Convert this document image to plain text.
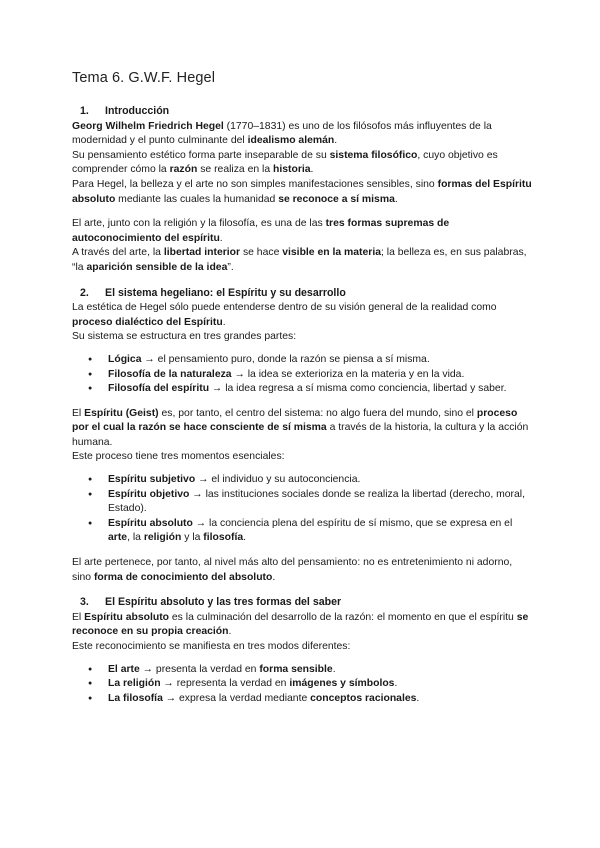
Tema 6. G.W.F. Hegel
1. Introducción

Georg Wilhelm Friedrich Hegel (1770–1831) es uno de los filósofos más influyentes de la modernidad y el punto culminante del idealismo alemán.

Su pensamiento estético forma parte inseparable de su sistema filosófico, cuyo objetivo es comprender cómo la razón se realiza en la historia.

Para Hegel, la belleza y el arte no son simples manifestaciones sensibles, sino formas del Espíritu absoluto mediante las cuales la humanidad se reconoce a sí misma.

El arte, junto con la religión y la filosofía, es una de las tres formas supremas de autoconocimiento del espíritu.

A través del arte, la libertad interior se hace visible en la materia; la belleza es, en sus palabras, “la aparición sensible de la idea”.

2. El sistema hegeliano: el Espíritu y su desarrollo

La estética de Hegel sólo puede entenderse dentro de su visión general de la realidad como proceso dialéctico del Espíritu.

Su sistema se estructura en tres grandes partes:

● Lógica → el pensamiento puro, donde la razón se piensa a sí misma.
● Filosofía de la naturaleza → la idea se exterioriza en la materia y en la vida.
● Filosofía del espíritu → la idea regresa a sí misma como conciencia, libertad y saber.

El Espíritu (Geist) es, por tanto, el centro del sistema: no algo fuera del mundo, sino el proceso por el cual la razón se hace consciente de sí misma a través de la historia, la cultura y la acción humana.

Este proceso tiene tres momentos esenciales:

● Espíritu subjetivo → el individuo y su autoconciencia.
● Espíritu objetivo → las instituciones sociales donde se realiza la libertad (derecho, moral, Estado).
● Espíritu absoluto → la conciencia plena del espíritu de sí mismo, que se expresa en el arte, la religión y la filosofía.

El arte pertenece, por tanto, al nivel más alto del pensamiento: no es entretenimiento ni adorno, sino forma de conocimiento del absoluto.

3. El Espíritu absoluto y las tres formas del saber

El Espíritu absoluto es la culminación del desarrollo de la razón: el momento en que el espíritu se reconoce en su propia creación.

Este reconocimiento se manifiesta en tres modos diferentes:

● El arte → presenta la verdad en forma sensible.
● La religión → representa la verdad en imágenes y símbolos.
● La filosofía → expresa la verdad mediante conceptos racionales.
